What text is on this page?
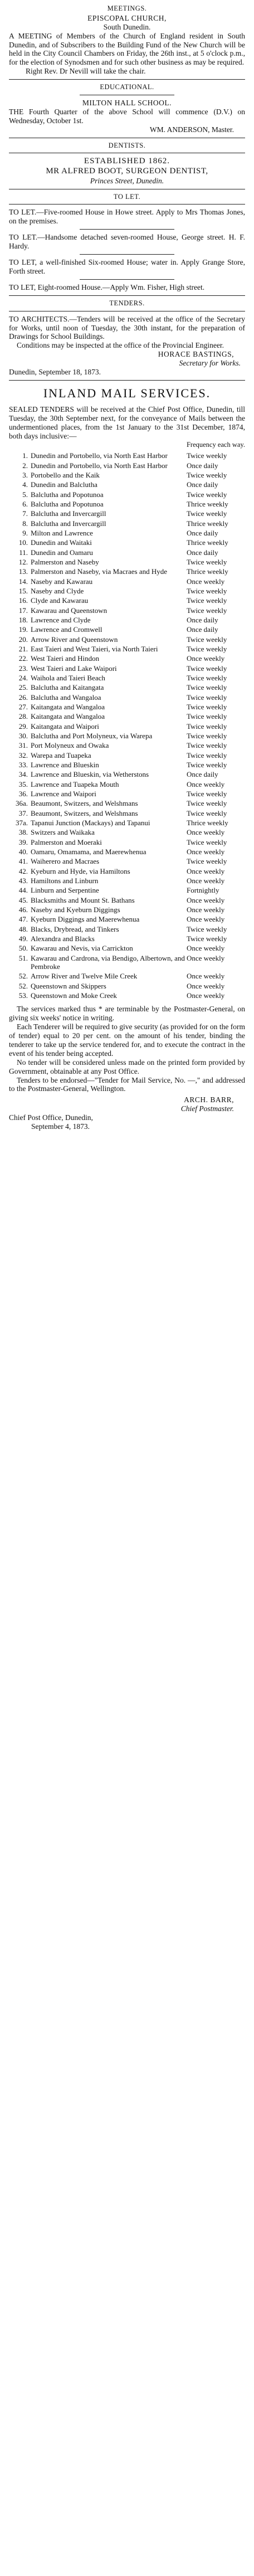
MEETINGS.
EPISCOPAL CHURCH,
South Dunedin.

A MEETING of Members of the Church of England resident in South Dunedin, and of Subscribers to the Building Fund of the New Church will be held in the City Council Chambers on Friday, the 26th inst., at 5 o'clock p.m., for the election of Synodsmen and for such other business as may be required.

Right Rev. Dr Nevill will take the chair.

EDUCATIONAL.
MILTON HALL SCHOOL.

THE Fourth Quarter of the above School will commence (D.V.) on Wednesday, October 1st.

WM. ANDERSON, Master.
DENTISTS.
ESTABLISHED 1862.
MR ALFRED BOOT, SURGEON DENTIST,
Princes Street, Dunedin.
TO LET.

TO LET.—Five-roomed House in Howe street. Apply to Mrs Thomas Jones, on the premises.

TO LET.—Handsome detached seven-roomed House, George street. H. F. Hardy.

TO LET, a well-finished Six-roomed House; water in. Apply Grange Store, Forth street.

TO LET, Eight-roomed House.—Apply Wm. Fisher, High street.

TENDERS.

TO ARCHITECTS.—Tenders will be received at the office of the Secretary for Works, until noon of Tuesday, the 30th instant, for the preparation of Drawings for School Buildings.

Conditions may be inspected at the office of the Provincial Engineer.

HORACE BASTINGS,
Secretary for Works.
Dunedin, September 18, 1873.
INLAND MAIL SERVICES.

SEALED TENDERS will be received at the Chief Post Office, Dunedin, till Tuesday, the 30th September next, for the conveyance of Mails between the undermentioned places, from the 1st January to the 31st December, 1874, both days inclusive:—

Frequency each way.
1.	Dunedin and Portobello, via North East Harbor	Twice weekly
2.	Dunedin and Portobello, via North East Harbor	Once daily
3.	Portobello and the Kaik	Twice weekly
4.	Dunedin and Balclutha	Once daily
5.	Balclutha and Popotunoa	Twice weekly
6.	Balclutha and Popotunoa	Thrice weekly
7.	Balclutha and Invercargill	Twice weekly
8.	Balclutha and Invercargill	Thrice weekly
9.	Milton and Lawrence	Once daily
10.	Dunedin and Waitaki	Thrice weekly
11.	Dunedin and Oamaru	Once daily
12.	Palmerston and Naseby	Twice weekly
13.	Palmerston and Naseby, via Macraes and Hyde	Thrice weekly
14.	Naseby and Kawarau	Once weekly
15.	Naseby and Clyde	Twice weekly
16.	Clyde and Kawarau	Twice weekly
17.	Kawarau and Queenstown	Twice weekly
18.	Lawrence and Clyde	Once daily
19.	Lawrence and Cromwell	Once daily
20.	Arrow River and Queenstown	Twice weekly
21.	East Taieri and West Taieri, via North Taieri	Twice weekly
22.	West Taieri and Hindon	Once weekly
23.	West Taieri and Lake Waipori	Twice weekly
24.	Waihola and Taieri Beach	Twice weekly
25.	Balclutha and Kaitangata	Twice weekly
26.	Balclutha and Wangaloa	Twice weekly
27.	Kaitangata and Wangaloa	Twice weekly
28.	Kaitangata and Wangaloa	Twice weekly
29.	Kaitangata and Waipori	Twice weekly
30.	Balclutha and Port Molyneux, via Warepa	Twice weekly
31.	Port Molyneux and Owaka	Twice weekly
32.	Warepa and Tuapeka	Twice weekly
33.	Lawrence and Blueskin	Twice weekly
34.	Lawrence and Blueskin, via Wetherstons	Once daily
35.	Lawrence and Tuapeka Mouth	Once weekly
36.	Lawrence and Waipori	Twice weekly
36a.	Beaumont, Switzers, and Welshmans	Twice weekly
37.	Beaumont, Switzers, and Welshmans	Twice weekly
37a.	Tapanui Junction (Mackays) and Tapanui	Thrice weekly
38.	Switzers and Waikaka	Once weekly
39.	Palmerston and Moeraki	Twice weekly
40.	Oamaru, Omamama, and Maerewhenua	Once weekly
41.	Waiherero and Macraes	Twice weekly
42.	Kyeburn and Hyde, via Hamiltons	Once weekly
43.	Hamiltons and Linburn	Once weekly
44.	Linburn and Serpentine	Fortnightly
45.	Blacksmiths and Mount St. Bathans	Once weekly
46.	Naseby and Kyeburn Diggings	Once weekly
47.	Kyeburn Diggings and Maerewhenua	Once weekly
48.	Blacks, Drybread, and Tinkers	Twice weekly
49.	Alexandra and Blacks	Twice weekly
50.	Kawarau and Nevis, via Carrickton	Once weekly
51.	Kawarau and Cardrona, via Bendigo, Albertown, and Pembroke	Once weekly
52.	Arrow River and Twelve Mile Creek	Once weekly
52.	Queenstown and Skippers	Once weekly
53.	Queenstown and Moke Creek	Once weekly

The services marked thus * are terminable by the Postmaster-General, on giving six weeks' notice in writing.

Each Tenderer will be required to give security (as provided for on the form of tender) equal to 20 per cent. on the amount of his tender, binding the tenderer to take up the service tendered for, and to execute the contract in the event of his tender being accepted.

No tender will be considered unless made on the printed form provided by Government, obtainable at any Post Office.

Tenders to be endorsed—"Tender for Mail Service, No. —," and addressed to the Postmaster-General, Wellington.

ARCH. BARR,
Chief Postmaster.
Chief Post Office, Dunedin,
September 4, 1873.
